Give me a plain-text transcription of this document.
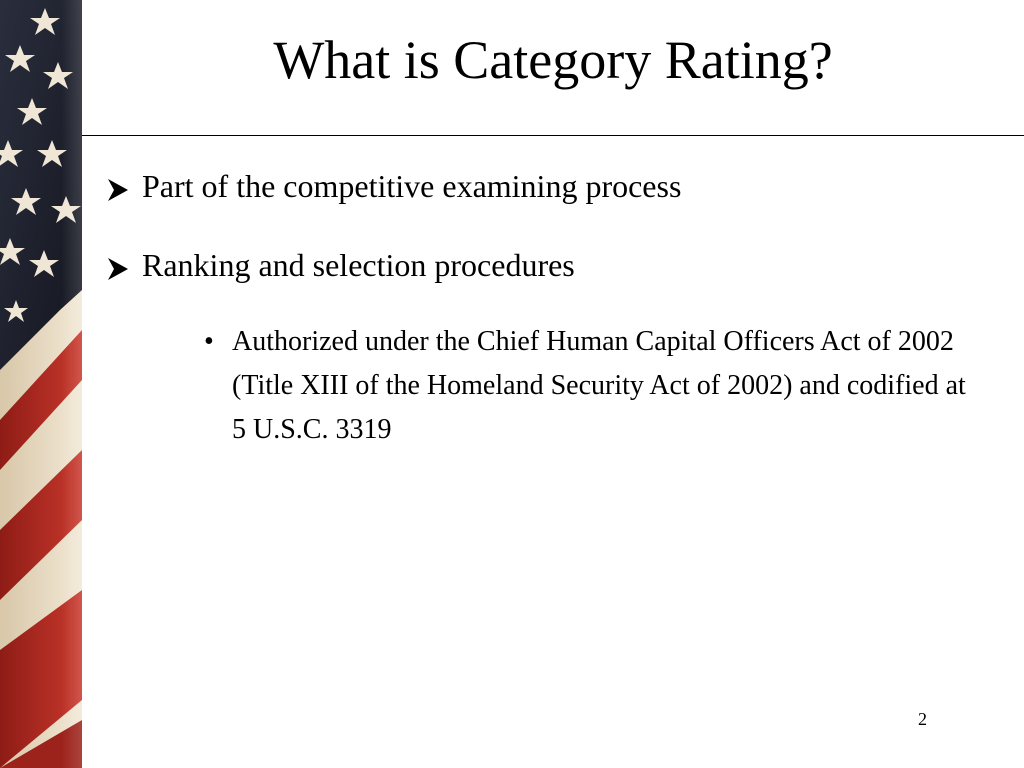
What is Category Rating?
Part of the competitive examining process
Ranking and selection procedures
• Authorized under the Chief Human Capital Officers Act of 2002 (Title XIII of the Homeland Security Act of 2002) and codified at 5 U.S.C. 3319
2
